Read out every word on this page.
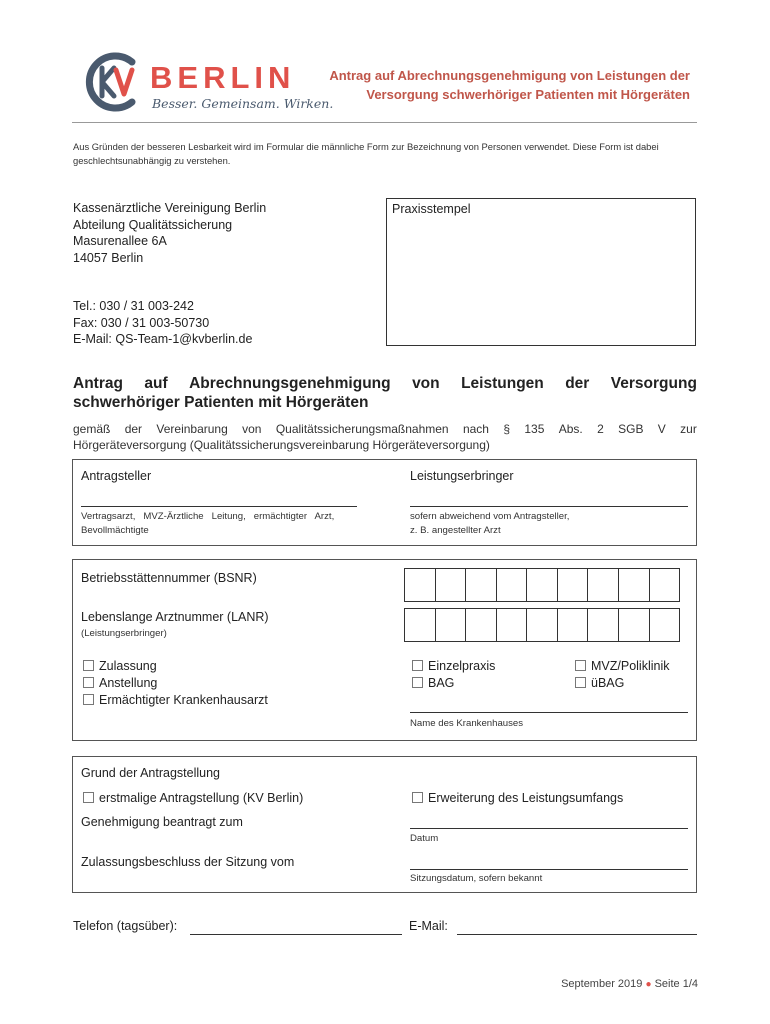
BERLIN
Besser. Gemeinsam. Wirken.
Antrag auf Abrechnungsgenehmigung von Leistungen der
Versorgung schwerhöriger Patienten mit Hörgeräten
Aus Gründen der besseren Lesbarkeit wird im Formular die männliche Form zur Bezeichnung von Personen verwendet. Diese Form ist dabei geschlechtsunabhängig zu verstehen.
Kassenärztliche Vereinigung Berlin
Abteilung Qualitätssicherung
Masurenallee 6A
14057 Berlin
Tel.: 030 / 31 003-242
Fax: 030 / 31 003-50730
E-Mail: QS-Team-1@kvberlin.de
Praxisstempel
Antrag auf Abrechnungsgenehmigung von Leistungen der Versorgung
schwerhöriger Patienten mit Hörgeräten
gemäß der Vereinbarung von Qualitätssicherungsmaßnahmen nach § 135 Abs. 2 SGB V zur
Hörgeräteversorgung (Qualitätssicherungsvereinbarung Hörgeräteversorgung)
Antragsteller
Vertragsarzt,   MVZ-Ärztliche   Leitung,   ermächtigter   Arzt,
Bevollmächtigte
Leistungserbringer
sofern abweichend vom Antragsteller,
z. B. angestellter Arzt
Betriebsstättennummer (BSNR)
Lebenslange Arztnummer (LANR)
(Leistungserbringer)
Zulassung
Anstellung
Ermächtigter Krankenhausarzt
Einzelpraxis
BAG
MVZ/Poliklinik
üBAG
Name des Krankenhauses
Grund der Antragstellung
erstmalige Antragstellung (KV Berlin)	Erweiterung des Leistungsumfangs
Genehmigung beantragt zum
Datum
Zulassungsbeschluss der Sitzung vom
Sitzungsdatum, sofern bekannt
Telefon (tagsüber):	E-Mail:
September 2019 ● Seite 1/4
